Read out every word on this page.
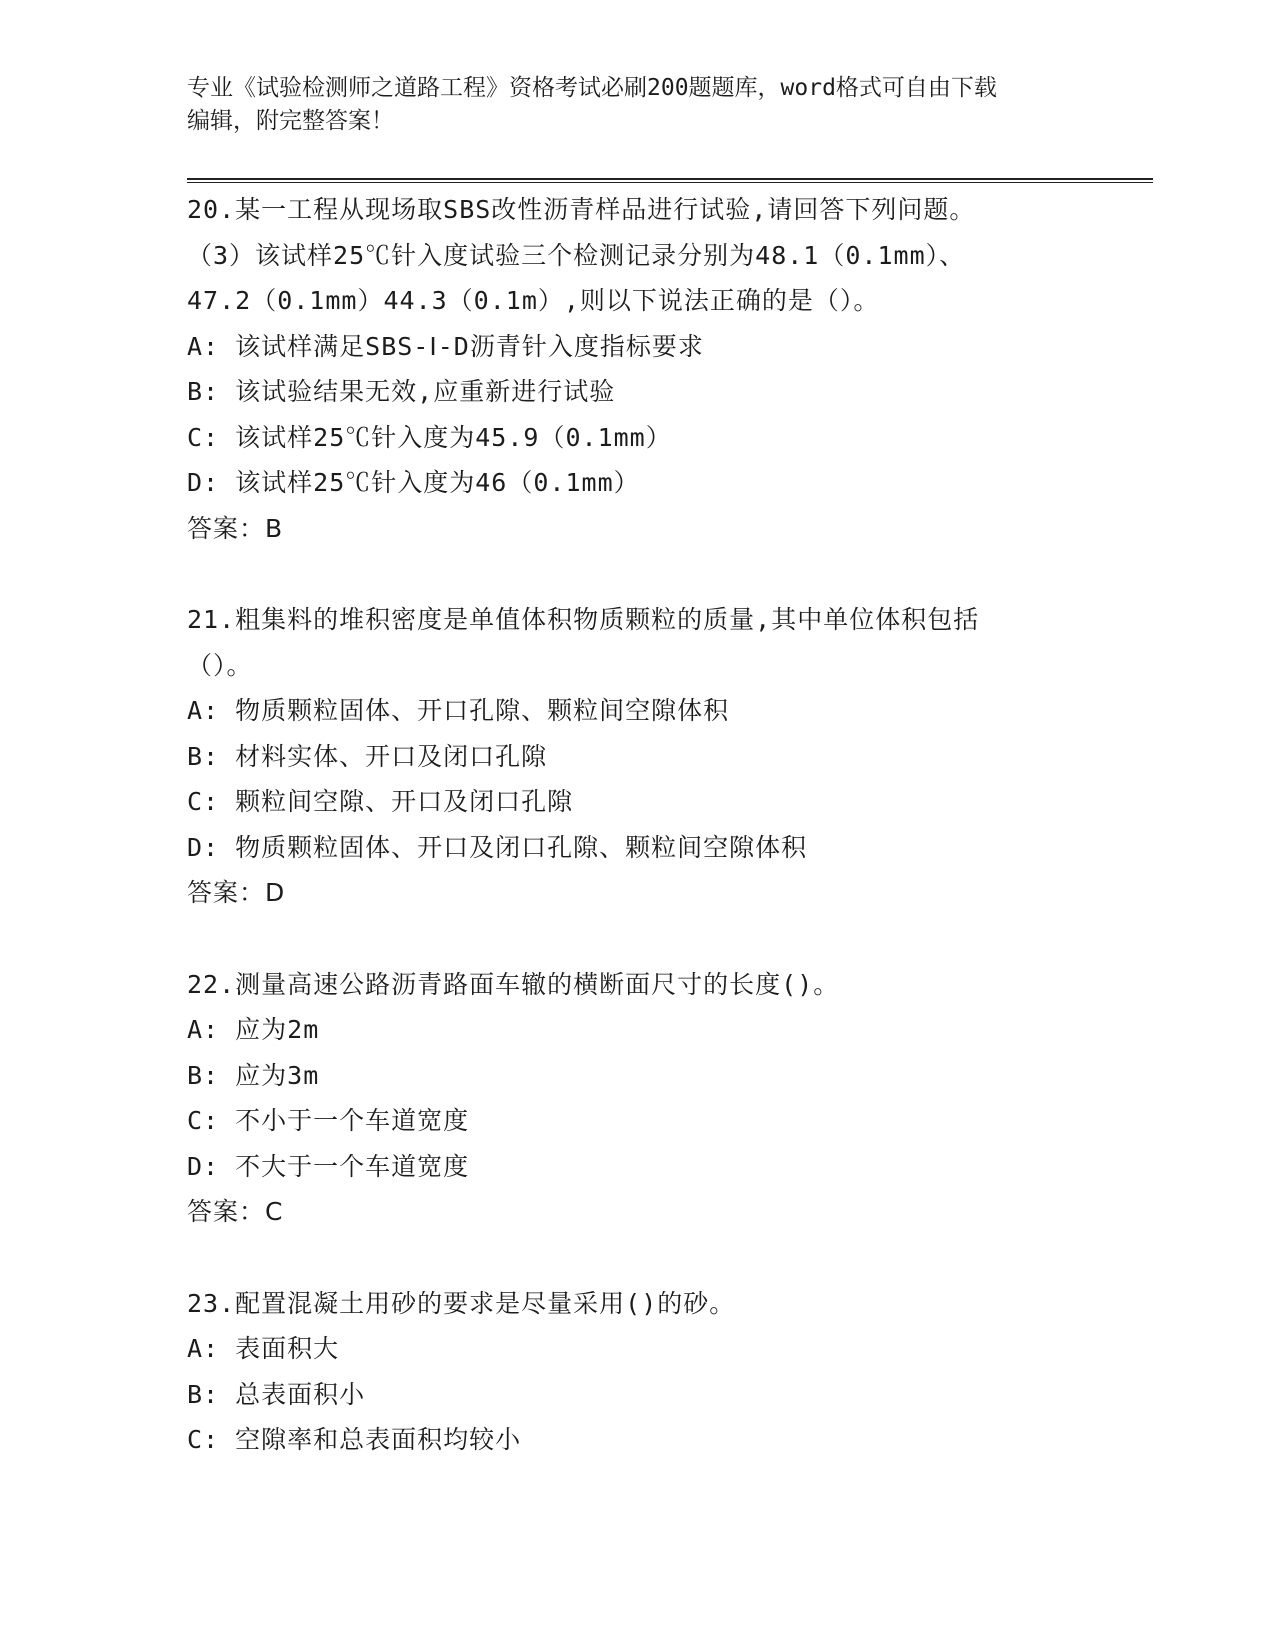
专业《试验检测师之道路工程》资格考试必刷200题题库，word格式可自由下载
编辑，附完整答案！
20.某一工程从现场取SBS改性沥青样品进行试验,请回答下列问题。
（3）该试样25℃针入度试验三个检测记录分别为48.1（0.1mm）、
47.2（0.1mm）44.3（0.1m）,则以下说法正确的是（）。
A: 该试样满足SBS-Ⅰ-D沥青针入度指标要求
B: 该试验结果无效,应重新进行试验
C: 该试样25℃针入度为45.9（0.1mm）
D: 该试样25℃针入度为46（0.1mm）
答案：B
21.粗集料的堆积密度是单值体积物质颗粒的质量,其中单位体积包括
（）。
A: 物质颗粒固体、开口孔隙、颗粒间空隙体积
B: 材料实体、开口及闭口孔隙
C: 颗粒间空隙、开口及闭口孔隙
D: 物质颗粒固体、开口及闭口孔隙、颗粒间空隙体积
答案：D
22.测量高速公路沥青路面车辙的横断面尺寸的长度()。
A: 应为2m
B: 应为3m
C: 不小于一个车道宽度
D: 不大于一个车道宽度
答案：C
23.配置混凝土用砂的要求是尽量采用()的砂。
A: 表面积大
B: 总表面积小
C: 空隙率和总表面积均较小
